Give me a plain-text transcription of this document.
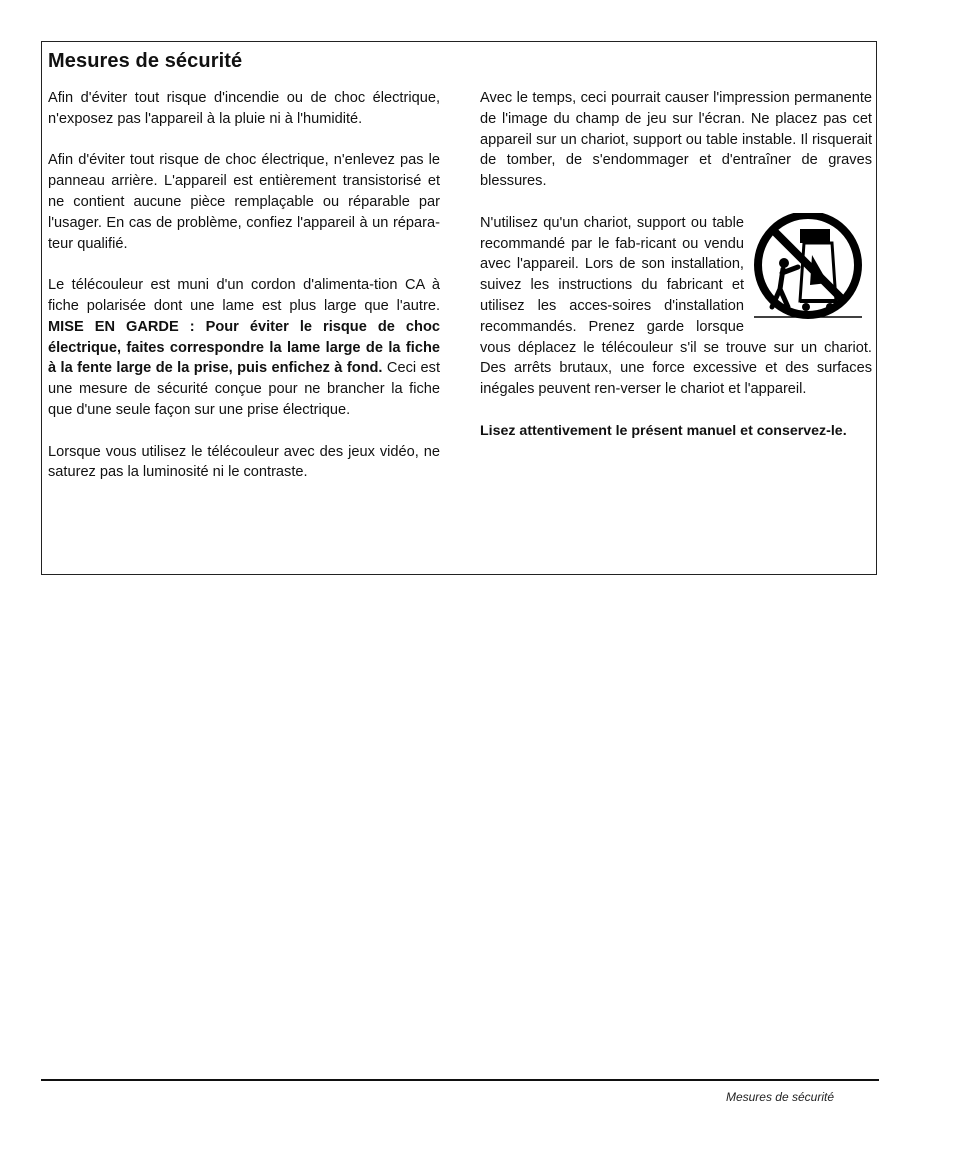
Mesures de sécurité

Afin d'éviter tout risque d'incendie ou de choc électrique, n'exposez pas l'appareil à la pluie ni à l'humidité.

Afin d'éviter tout risque de choc électrique, n'enlevez pas le panneau arrière. L'appareil est entièrement transistorisé et ne contient aucune pièce remplaçable ou réparable par l'usager. En cas de problème, confiez l'appareil à un répara-teur qualifié.

Le télécouleur est muni d'un cordon d'alimenta-tion CA à fiche polarisée dont une lame est plus large que l'autre. MISE EN GARDE : Pour éviter le risque de choc électrique, faites correspondre la lame large de la fiche à la fente large de la prise, puis enfichez à fond. Ceci est une mesure de sécurité conçue pour ne brancher la fiche que d'une seule façon sur une prise électrique.

Lorsque vous utilisez le télécouleur avec des jeux vidéo, ne saturez pas la luminosité ni le contraste.

Avec le temps, ceci pourrait causer l'impression permanente de l'image du champ de jeu sur l'écran. Ne placez pas cet appareil sur un chariot, support ou table instable. Il risquerait de tomber, de s'endommager et d'entraîner de graves blessures.

N'utilisez qu'un chariot, support ou table recommandé par le fab-ricant ou vendu avec l'appareil. Lors de son installation, suivez les instructions du fabricant et utilisez les acces-soires d'installation recommandés. Prenez garde lorsque vous déplacez le télécouleur s'il se trouve sur un chariot. Des arrêts brutaux, une force excessive et des surfaces inégales peuvent ren-verser le chariot et l'appareil.

Lisez attentivement le présent manuel et conservez-le.

Mesures de sécurité
